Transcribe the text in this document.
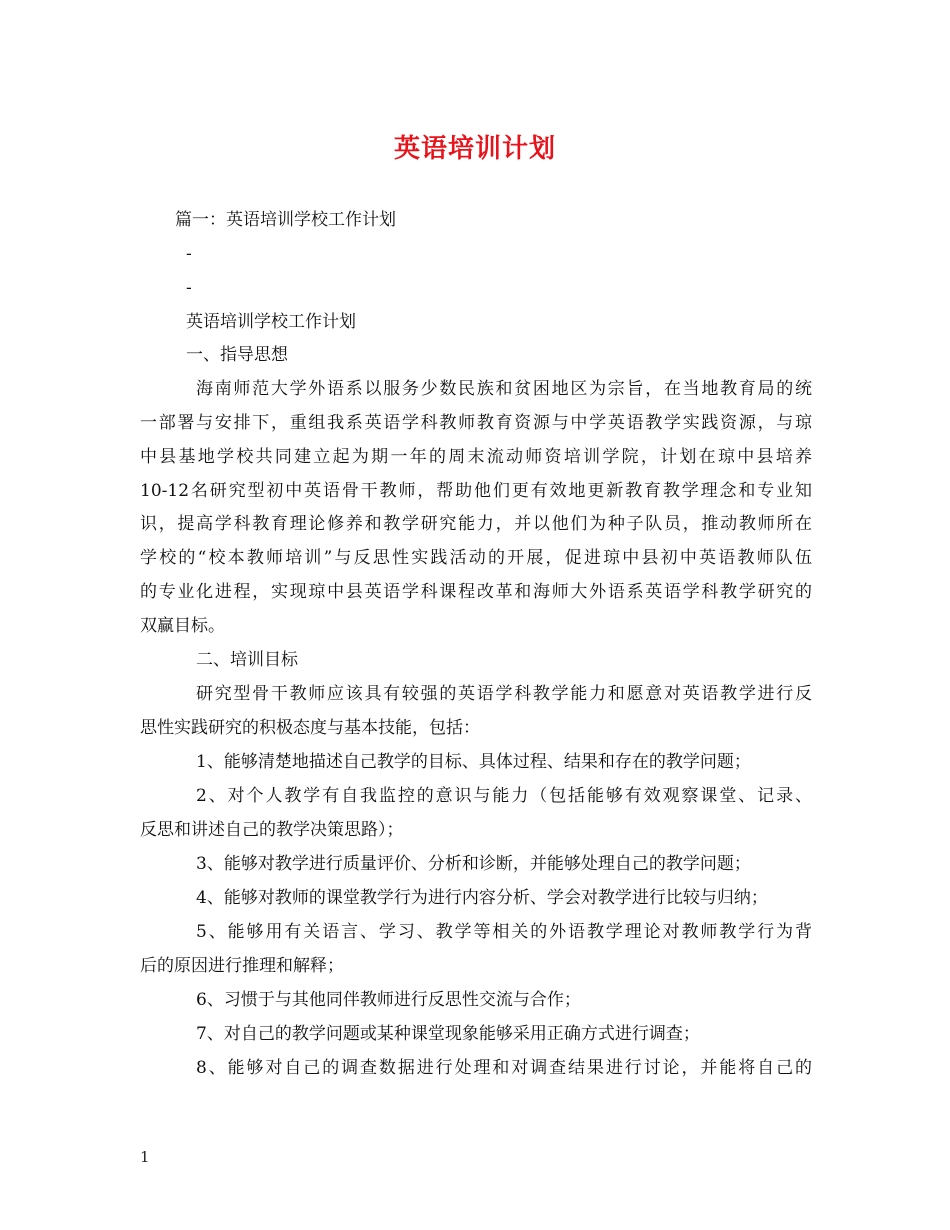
英语培训计划
篇一：英语培训学校工作计划
-
-
英语培训学校工作计划
一、指导思想
海南师范大学外语系以服务少数民族和贫困地区为宗旨，在当地教育局的统
一部署与安排下，重组我系英语学科教师教育资源与中学英语教学实践资源，与琼
中县基地学校共同建立起为期一年的周末流动师资培训学院，计划在琼中县培养
10-12名研究型初中英语骨干教师，帮助他们更有效地更新教育教学理念和专业知
识，提高学科教育理论修养和教学研究能力，并以他们为种子队员，推动教师所在
学校的“校本教师培训”与反思性实践活动的开展，促进琼中县初中英语教师队伍
的专业化进程，实现琼中县英语学科课程改革和海师大外语系英语学科教学研究的
双赢目标。
二、培训目标
研究型骨干教师应该具有较强的英语学科教学能力和愿意对英语教学进行反
思性实践研究的积极态度与基本技能，包括：
1、能够清楚地描述自己教学的目标、具体过程、结果和存在的教学问题；
2、对个人教学有自我监控的意识与能力（包括能够有效观察课堂、记录、
反思和讲述自己的教学决策思路）；
3、能够对教学进行质量评价、分析和诊断，并能够处理自己的教学问题；
4、能够对教师的课堂教学行为进行内容分析、学会对教学进行比较与归纳；
5、能够用有关语言、学习、教学等相关的外语教学理论对教师教学行为背
后的原因进行推理和解释；
6、习惯于与其他同伴教师进行反思性交流与合作；
7、对自己的教学问题或某种课堂现象能够采用正确方式进行调查；
8、能够对自己的调查数据进行处理和对调查结果进行讨论，并能将自己的
1
